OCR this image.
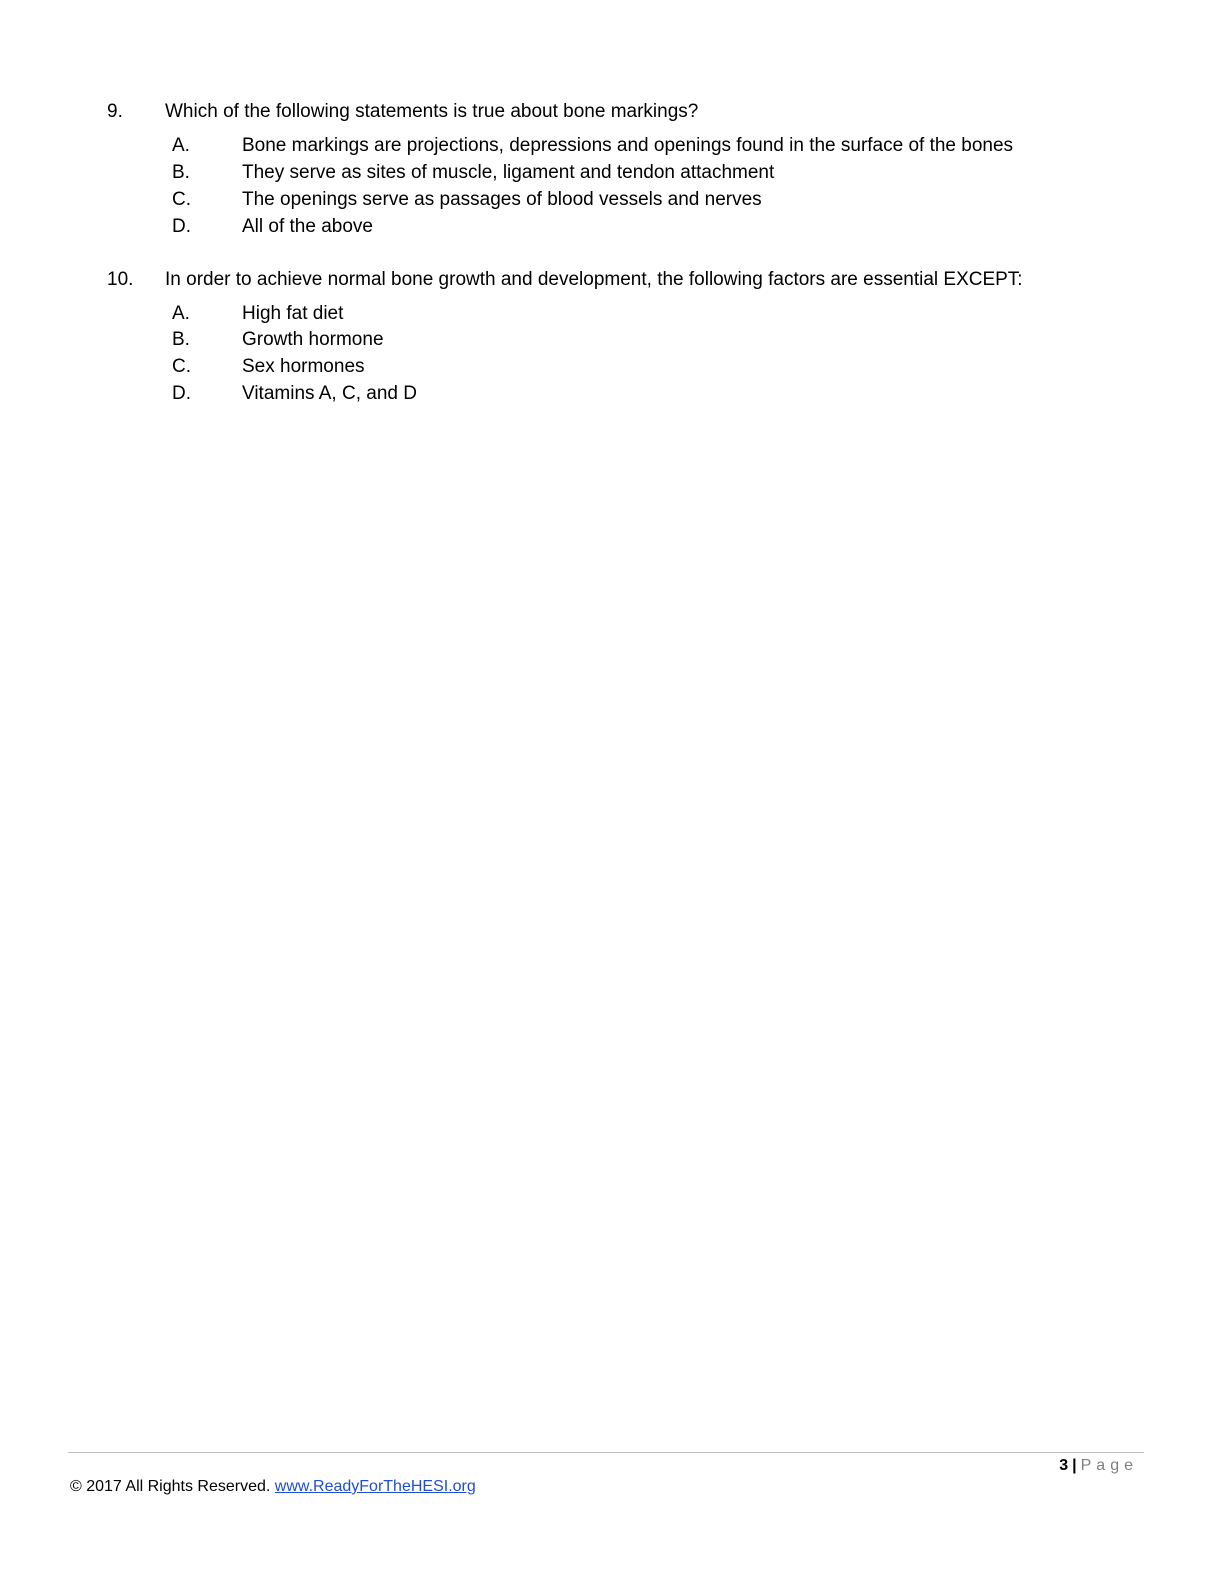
9. Which of the following statements is true about bone markings?
A.	Bone markings are projections, depressions and openings found in the surface of the bones
B.	They serve as sites of muscle, ligament and tendon attachment
C.	The openings serve as passages of blood vessels and nerves
D.	All of the above
10. In order to achieve normal bone growth and development, the following factors are essential EXCEPT:
A.	High fat diet
B.	Growth hormone
C.	Sex hormones
D.	Vitamins A, C, and D
3 | Page
© 2017 All Rights Reserved. www.ReadyForTheHESI.org
